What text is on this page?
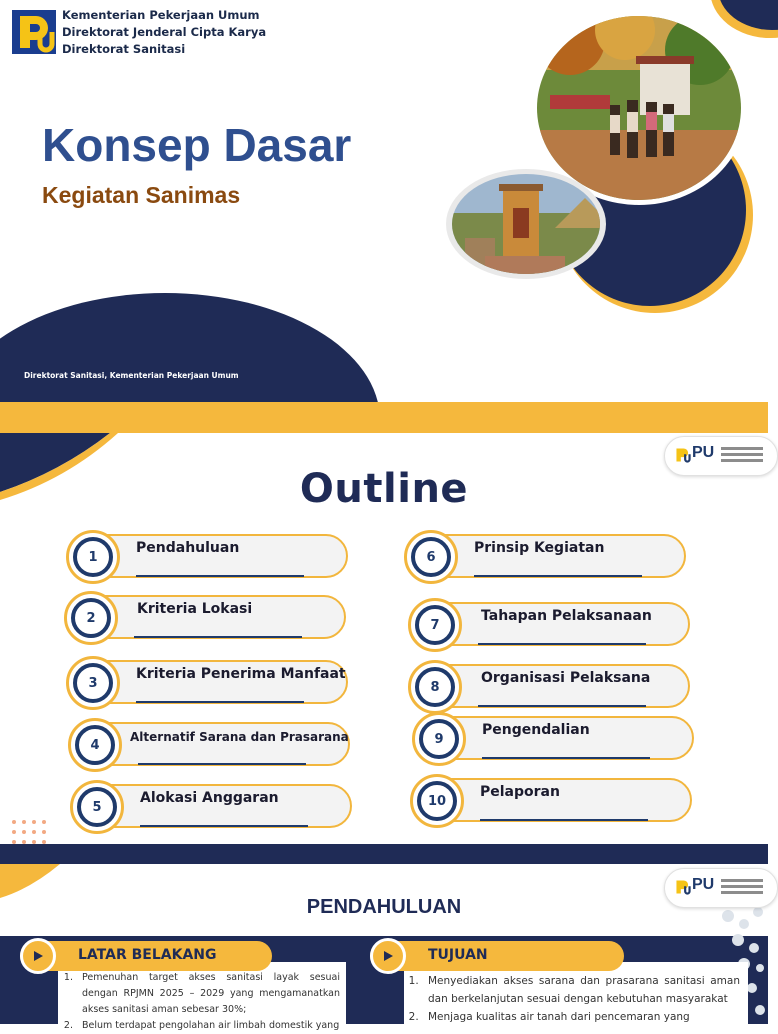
Kementerian Pekerjaan Umum
Direktorat Jenderal Cipta Karya
Direktorat Sanitasi
Konsep Dasar
Kegiatan Sanimas
Direktorat Sanitasi, Kementerian Pekerjaan Umum
PU
Outline
1
Pendahuluan
2
Kriteria Lokasi
3
Kriteria Penerima Manfaat
4
Alternatif Sarana dan Prasarana
5
Alokasi Anggaran
6
Prinsip Kegiatan
7
Tahapan Pelaksanaan
8
Organisasi Pelaksana
9
Pengendalian
10
Pelaporan
PU
PENDAHULUAN
1. Pemenuhan target akses sanitasi layak sesuai dengan RPJMN 2025 – 2029 yang mengamanatkan akses sanitasi aman sebesar 30%;
2. Belum terdapat pengolahan air limbah domestik yang
LATAR BELAKANG
1. Menyediakan akses sarana dan prasarana sanitasi aman dan berkelanjutan sesuai dengan kebutuhan masyarakat
2. Menjaga kualitas air tanah dari pencemaran yang
TUJUAN
